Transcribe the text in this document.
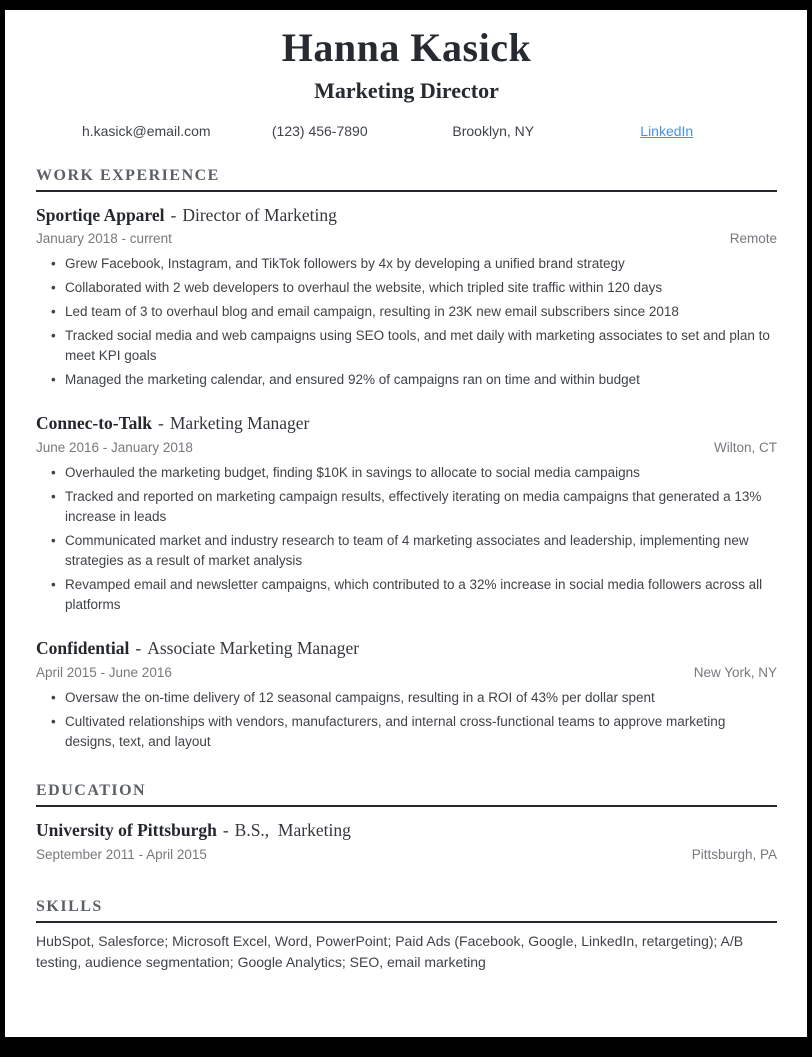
Hanna Kasick
Marketing Director
h.kasick@email.com	(123) 456-7890	Brooklyn, NY	LinkedIn
WORK EXPERIENCE
Sportiqe Apparel - Director of Marketing
January 2018 - current	Remote
• Grew Facebook, Instagram, and TikTok followers by 4x by developing a unified brand strategy
• Collaborated with 2 web developers to overhaul the website, which tripled site traffic within 120 days
• Led team of 3 to overhaul blog and email campaign, resulting in 23K new email subscribers since 2018
• Tracked social media and web campaigns using SEO tools, and met daily with marketing associates to set and plan to meet KPI goals
• Managed the marketing calendar, and ensured 92% of campaigns ran on time and within budget
Connec-to-Talk - Marketing Manager
June 2016 - January 2018	Wilton, CT
• Overhauled the marketing budget, finding $10K in savings to allocate to social media campaigns
• Tracked and reported on marketing campaign results, effectively iterating on media campaigns that generated a 13% increase in leads
• Communicated market and industry research to team of 4 marketing associates and leadership, implementing new strategies as a result of market analysis
• Revamped email and newsletter campaigns, which contributed to a 32% increase in social media followers across all platforms
Confidential - Associate Marketing Manager
April 2015 - June 2016	New York, NY
• Oversaw the on-time delivery of 12 seasonal campaigns, resulting in a ROI of 43% per dollar spent
• Cultivated relationships with vendors, manufacturers, and internal cross-functional teams to approve marketing designs, text, and layout
EDUCATION
University of Pittsburgh - B.S.,  Marketing
September 2011 - April 2015	Pittsburgh, PA
SKILLS

HubSpot, Salesforce; Microsoft Excel, Word, PowerPoint; Paid Ads (Facebook, Google, LinkedIn, retargeting); A/B testing, audience segmentation; Google Analytics; SEO, email marketing
